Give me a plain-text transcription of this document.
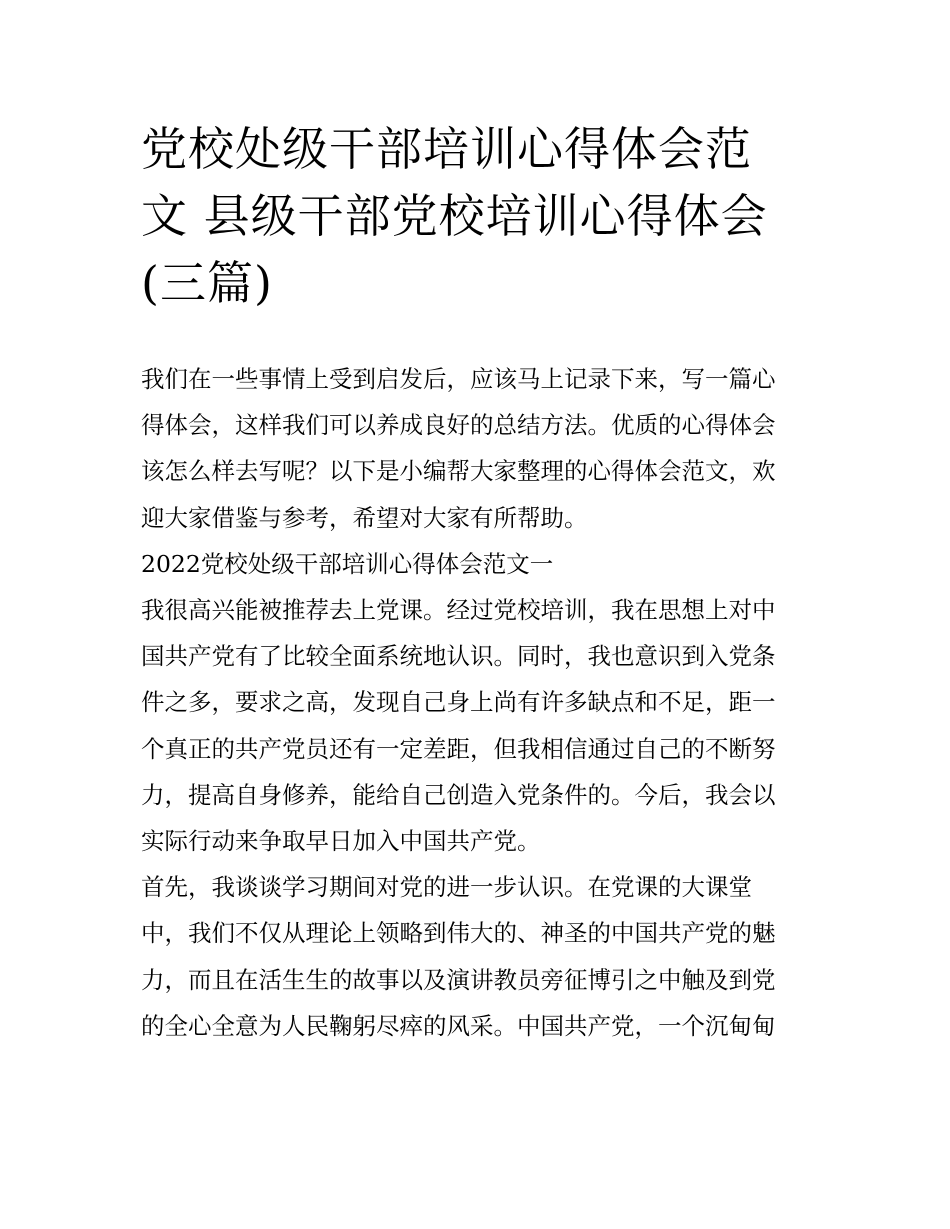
党校处级干部培训心得体会范
文 县级干部党校培训心得体会
(三篇)

我们在一些事情上受到启发后，应该马上记录下来，写一篇心
得体会，这样我们可以养成良好的总结方法。优质的心得体会
该怎么样去写呢？以下是小编帮大家整理的心得体会范文，欢
迎大家借鉴与参考，希望对大家有所帮助。

2022党校处级干部培训心得体会范文一

我很高兴能被推荐去上党课。经过党校培训，我在思想上对中
国共产党有了比较全面系统地认识。同时，我也意识到入党条
件之多，要求之高，发现自己身上尚有许多缺点和不足，距一
个真正的共产党员还有一定差距，但我相信通过自己的不断努
力，提高自身修养，能给自己创造入党条件的。今后，我会以
实际行动来争取早日加入中国共产党。

首先，我谈谈学习期间对党的进一步认识。在党课的大课堂
中，我们不仅从理论上领略到伟大的、神圣的中国共产党的魅
力，而且在活生生的故事以及演讲教员旁征博引之中触及到党
的全心全意为人民鞠躬尽瘁的风采。中国共产党，一个沉甸甸
